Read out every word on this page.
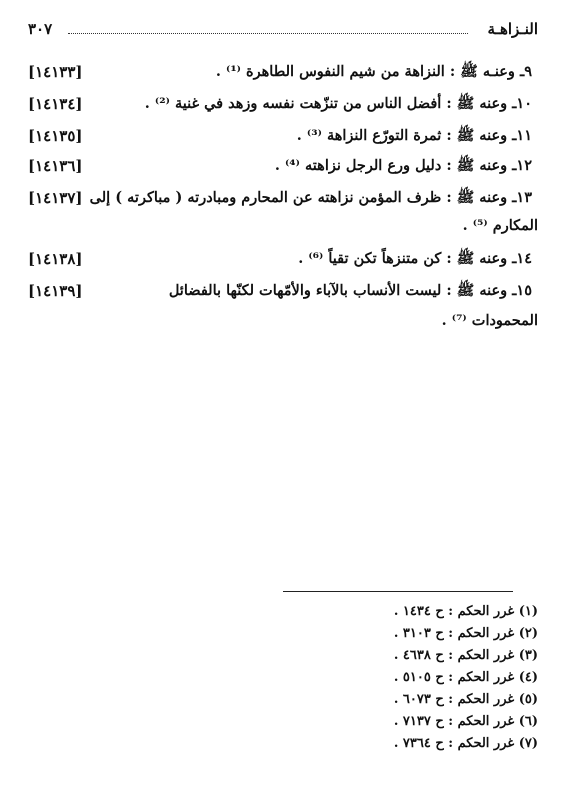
النـزاهـة
٣٠٧
[١٤١٣٣]	٩ـ وعنـه ﷺ : النزاهة من شيم النفوس الطاهرة ⁽¹⁾ .
[١٤١٣٤]	١٠ـ وعنه ﷺ : أفضل الناس من تنزّهت نفسه وزهد في غنية ⁽²⁾ .
[١٤١٣٥]	١١ـ وعنه ﷺ : ثمرة التورّع النزاهة ⁽³⁾ .
[١٤١٣٦]	١٢ـ وعنه ﷺ : دليل ورع الرجل نزاهته ⁽⁴⁾ .
[١٤١٣٧] ١٣ـ وعنه ﷺ : ظرف المؤمن نزاهته عن المحارم ومبادرته ( مباكرته ) إلى
المكارم ⁽⁵⁾ .
[١٤١٣٨]	١٤ـ وعنه ﷺ : كن متنزهاً تكن تقياً ⁽⁶⁾ .
[١٤١٣٩]	١٥ـ وعنه ﷺ : ليست الأنساب بالآباء والأمّهات لكنّها بالفضائل
المحمودات ⁽⁷⁾ .
(١) غرر الحكم : ح ١٤٣٤ .
(٢) غرر الحكم : ح ٣١٠٣ .
(٣) غرر الحكم : ح ٤٦٣٨ .
(٤) غرر الحكم : ح ٥١٠٥ .
(٥) غرر الحكم : ح ٦٠٧٣ .
(٦) غرر الحكم : ح ٧١٣٧ .
(٧) غرر الحكم : ح ٧٣٦٤ .
